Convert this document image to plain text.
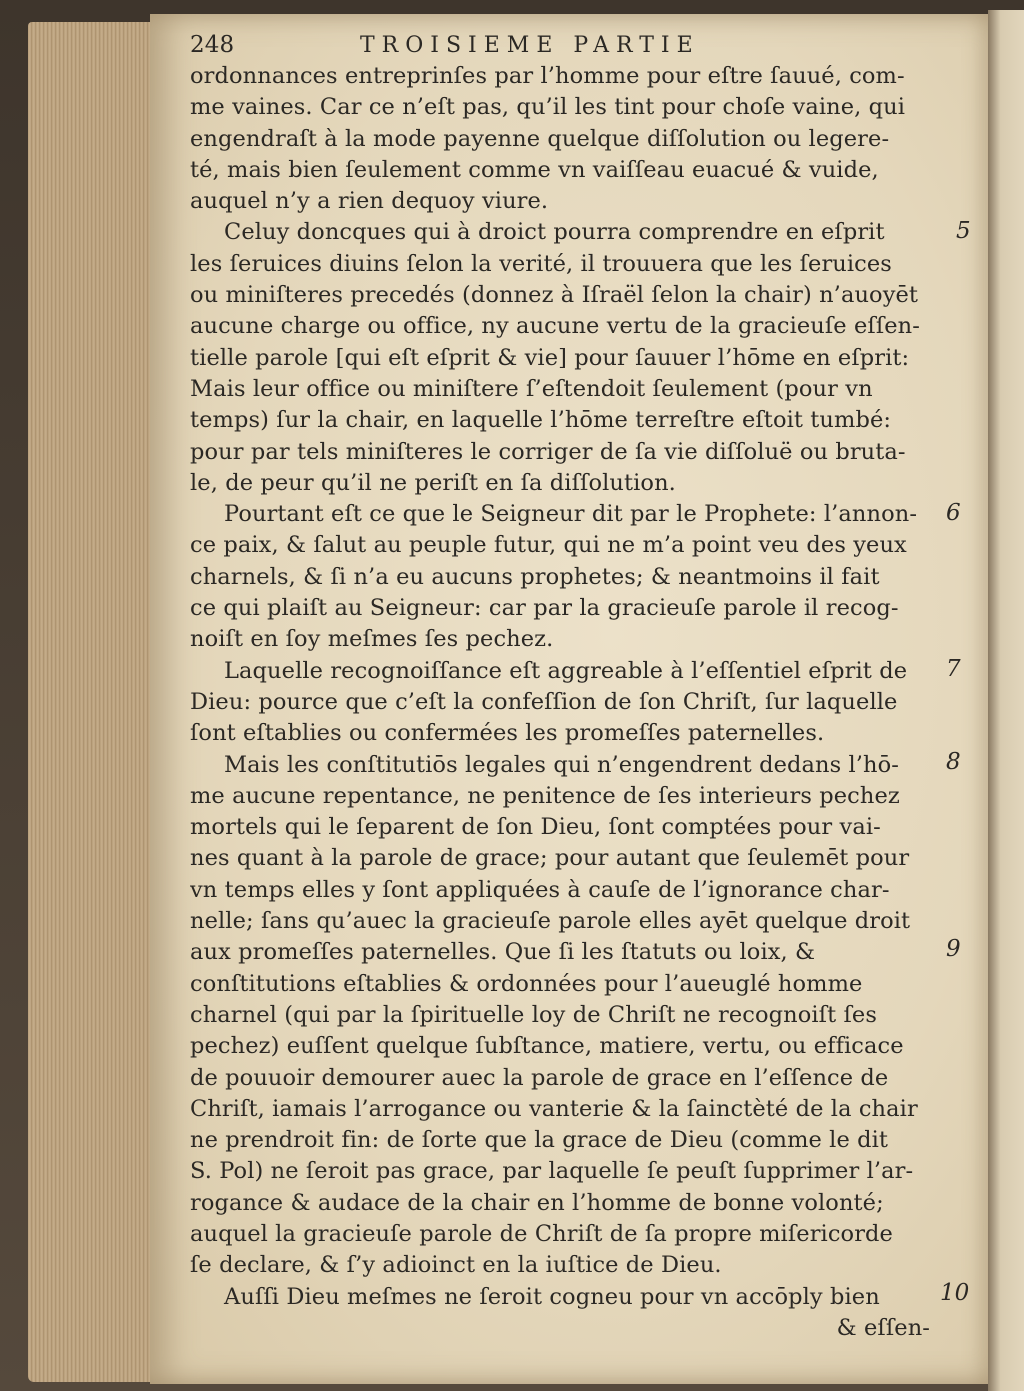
248	TROISIEME PARTIE
ordonnances entreprinſes par l’homme pour eſtre ſauué, com-
me vaines. Car ce n’eſt pas, qu’il les tint pour choſe vaine, qui
engendraſt à la mode payenne quelque diſſolution ou legere-
té, mais bien ſeulement comme vn vaiſſeau euacué & vuide,
auquel n’y a rien dequoy viure.
Celuy doncques qui à droict pourra comprendre en eſprit
les ſeruices diuins ſelon la verité, il trouuera que les ſeruices
ou miniſteres precedés (donnez à Iſraël ſelon la chair) n’auoyēt
aucune charge ou office, ny aucune vertu de la gracieuſe eſſen-
tielle parole [qui eſt eſprit & vie] pour ſauuer l’hōme en eſprit:
Mais leur office ou miniſtere ſ’eſtendoit ſeulement (pour vn
temps) ſur la chair, en laquelle l’hōme terreſtre eſtoit tumbé:
pour par tels miniſteres le corriger de ſa vie diſſoluë ou bruta-
le, de peur qu’il ne periſt en ſa diſſolution.
Pourtant eſt ce que le Seigneur dit par le Prophete: l’annon-
ce paix, & ſalut au peuple futur, qui ne m’a point veu des yeux
charnels, & ſi n’a eu aucuns prophetes; & neantmoins il fait
ce qui plaiſt au Seigneur: car par la gracieuſe parole il recog-
noiſt en ſoy meſmes ſes pechez.
Laquelle recognoiſſance eſt aggreable à l’eſſentiel eſprit de
Dieu: pource que c’eſt la confeſſion de ſon Chriſt, ſur laquelle
ſont eſtablies ou confermées les promeſſes paternelles.
Mais les conſtitutiōs legales qui n’engendrent dedans l’hō-
me aucune repentance, ne penitence de ſes interieurs pechez
mortels qui le ſeparent de ſon Dieu, ſont comptées pour vai-
nes quant à la parole de grace; pour autant que ſeulemēt pour
vn temps elles y ſont appliquées à cauſe de l’ignorance char-
nelle; ſans qu’auec la gracieuſe parole elles ayēt quelque droit
aux promeſſes paternelles. Que ſi les ſtatuts ou loix, &
conſtitutions eſtablies & ordonnées pour l’aueuglé homme
charnel (qui par la ſpirituelle loy de Chriſt ne recognoiſt ſes
pechez) euſſent quelque ſubſtance, matiere, vertu, ou efficace
de pouuoir demourer auec la parole de grace en l’eſſence de
Chriſt, iamais l’arrogance ou vanterie & la ſainctèté de la chair
ne prendroit fin: de ſorte que la grace de Dieu (comme le dit
S. Pol) ne ſeroit pas grace, par laquelle ſe peuſt ſupprimer l’ar-
rogance & audace de la chair en l’homme de bonne volonté;
auquel la gracieuſe parole de Chriſt de ſa propre miſericorde
ſe declare, & ſ’y adioinct en la iuſtice de Dieu.
Auſſi Dieu meſmes ne ſeroit cogneu pour vn accōply bien
& eſſen-
5
6
7
8
9
10
